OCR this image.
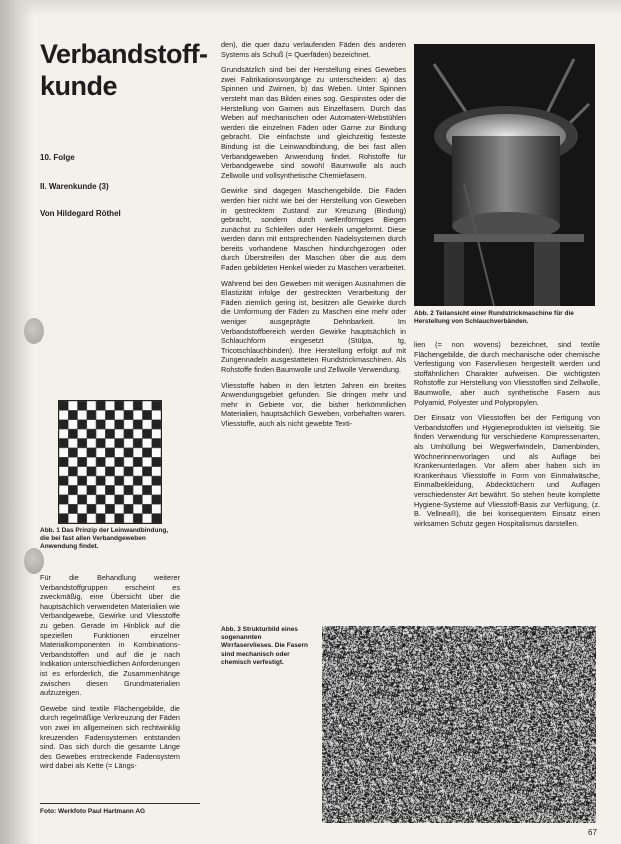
Verbandstoff-
kunde
10. Folge
II. Warenkunde (3)
Von Hildegard Röthel
Abb. 1 Das Prinzip der Leinwandbindung, die bei fast allen Verbandgeweben Anwendung findet.

Für die Behandlung weiterer Verbandstoffgruppen erscheint es zweckmäßig, eine Übersicht über die hauptsächlich verwendeten Materialien wie Verbandgewebe, Gewirke und Vliesstoffe zu geben. Gerade im Hinblick auf die speziellen Funktionen einzelner Materialkomponenten in Kombinations-Verbandstoffen und auf die je nach Indikation unterschiedlichen Anforderungen ist es erforderlich, die Zusammenhänge zwischen diesen Grundmaterialien aufzuzeigen.

Gewebe sind textile Flächengebilde, die durch regelmäßige Verkreuzung der Fäden von zwei im allgemeinen sich rechtwinklig kreuzenden Fadensystemen entstanden sind. Das sich durch die gesamte Länge des Gewebes erstreckende Fadensystem wird dabei als Kette (= Längs-

Foto: Werkfoto Paul Hartmann AG

den), die quer dazu verlaufenden Fäden des anderen Systems als Schuß (= Querfäden) bezeichnet.

Grundsätzlich sind bei der Herstellung eines Gewebes zwei Fabrikationsvorgänge zu unterscheiden: a) das Spinnen und Zwirnen, b) das Weben. Unter Spinnen versteht man das Bilden eines sog. Gespinstes oder die Herstellung von Garnen aus Einzelfasern. Durch das Weben auf mechanischen oder Automaten-Webstühlen werden die einzelnen Fäden oder Garne zur Bindung gebracht. Die einfachste und gleichzeitig festeste Bindung ist die Leinwandbindung, die bei fast allen Verbandgeweben Anwendung findet. Rohstoffe für Verbandgewebe sind sowohl Baumwolle als auch Zellwolle und vollsynthetische Chemiefasern.

Gewirke sind dagegen Maschengebilde. Die Fäden werden hier nicht wie bei der Herstellung von Geweben in gestrecktem Zustand zur Kreuzung (Bindung) gebracht, sondern durch wellenförmiges Biegen zunächst zu Schleifen oder Henkeln umgeformt. Diese werden dann mit entsprechenden Nadelsystemen durch bereits vorhandene Maschen hindurchgezogen oder durch Überstreifen der Maschen über die aus dem Faden gebildeten Henkel wieder zu Maschen verarbeitet.

Während bei den Geweben mit wenigen Ausnahmen die Elastizität infolge der gestreckten Verarbeitung der Fäden ziemlich gering ist, besitzen alle Gewirke durch die Umformung der Fäden zu Maschen eine mehr oder weniger ausgeprägte Dehnbarkeit. Im Verbandstoffbereich werden Gewirke hauptsächlich in Schlauchform eingesetzt (Stülpa, tg, Tricotschlauchbinden). Ihre Herstellung erfolgt auf mit Zungennadeln ausgestatteten Rundstrickmaschinen. Als Rohstoffe finden Baumwolle und Zellwolle Verwendung.

Vliesstoffe haben in den letzten Jahren ein breites Anwendungsgebiet gefunden. Sie dringen mehr und mehr in Gebiete vor, die bisher herkömmlichen Materialien, hauptsächlich Geweben, vorbehalten waren. Vliesstoffe, auch als nicht gewebte Texti-

Abb. 3 Strukturbild eines sogenannten Wirrfaservlieses. Die Fasern sind mechanisch oder chemisch verfestigt.
Abb. 2 Teilansicht einer Rundstrickmaschine für die Herstellung von Schlauchverbänden.

lien (= non wovens) bezeichnet, sind textile Flächengebilde, die durch mechanische oder chemische Verfestigung von Faservliesen hergestellt werden und stoffähnlichen Charakter aufweisen. Die wichtigsten Rohstoffe zur Herstellung von Vliesstoffen sind Zellwolle, Baumwolle, aber auch synthetische Fasern aus Polyamid, Polyester und Polypropylen.

Der Einsatz von Vliesstoffen bei der Fertigung von Verbandstoffen und Hygieneprodukten ist vielseitig. Sie finden Verwendung für verschiedene Kompressenarten, als Umhüllung bei Wegwerfwindeln, Damenbinden, Wöchnerinnenvorlagen und als Auflage bei Krankenunterlagen. Vor allem aber haben sich im Krankenhaus Vliesstoffe in Form von Einmalwäsche, Einmalbekleidung, Abdecktüchern und Auflagen verschiedenster Art bewährt. So stehen heute komplette Hygiene-Systeme auf Vliesstoff-Basis zur Verfügung, (z. B. Vellnea®), die bei konsequentem Einsatz einen wirksamen Schutz gegen Hospitalismus darstellen.

67
